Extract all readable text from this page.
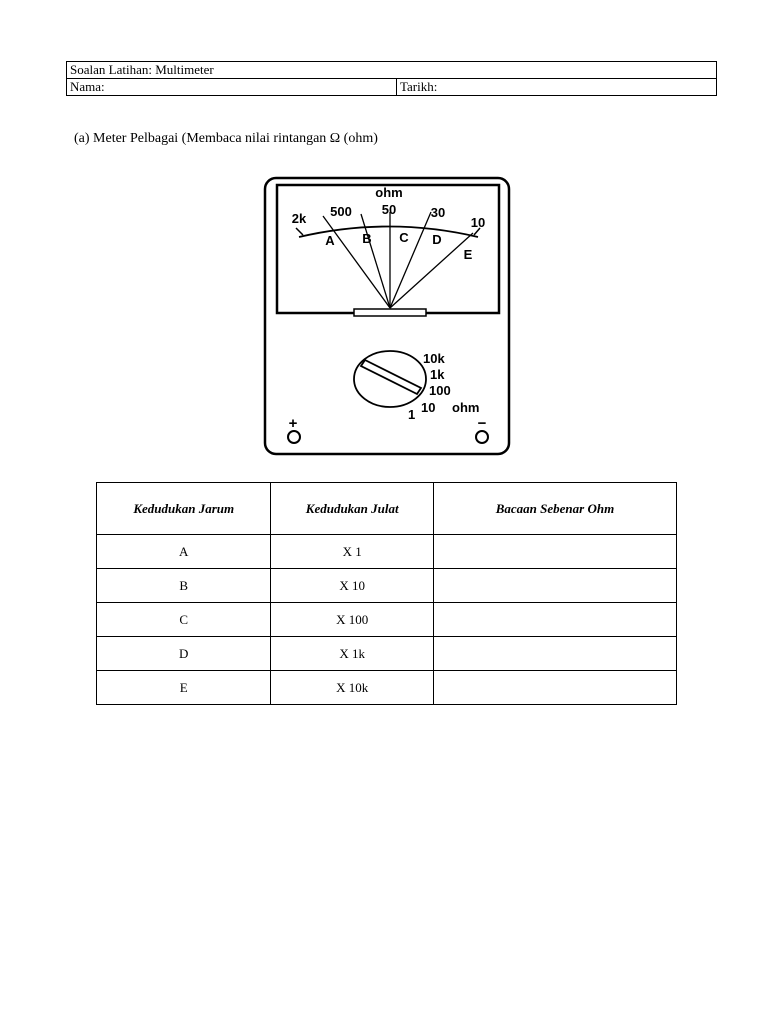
Soalan Latihan: Multimeter
Nama:	Tarikh:
(a) Meter Pelbagai (Membaca nilai rintangan Ω (ohm)
ohm
2k 500 50	30
10
A B C D
E
10k
1k
100
10
1	ohm
+	−
Kedudukan Jarum	Kedudukan Julat	Bacaan Sebenar Ohm
A	X 1	
B	X 10	
C	X 100	
D	X 1k	
E	X 10k	
